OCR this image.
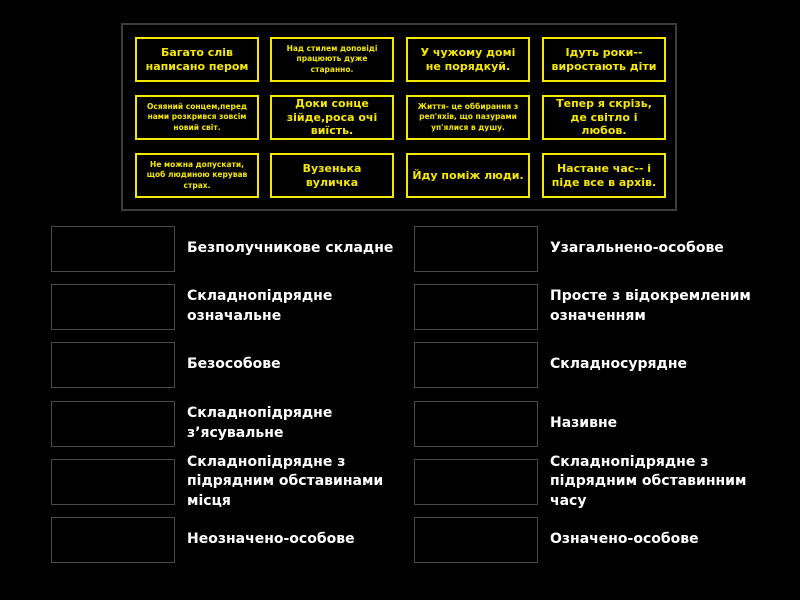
Багато слів написано пером
Над стилем доповіді працюють дуже старанно.
У чужому домі не порядкуй.
Ідуть роки-- виростають діти
Осяяний сонцем,перед нами розкрився зовсім новий світ.
Доки сонце зійде,роса очі виїсть.
Життя- це оббирання з реп'яхів, що пазурами уп'ялися в душу.
Тепер я скрізь, де світло і любов.
Не можна допускати, щоб людиною керував страх.
Вузенька вуличка
Йду поміж люди.
Настане час-- і піде все в архів.
Безполучникове складне
Складнопідрядне означальне
Безособове
Складнопідрядне з’ясувальне
Складнопідрядне з підрядним обставинами місця
Неозначено-особове
Узагальнено-особове
Просте з відокремленим означенням
Складносурядне
Називне
Складнопідрядне з підрядним обставинним часу
Означено-особове
